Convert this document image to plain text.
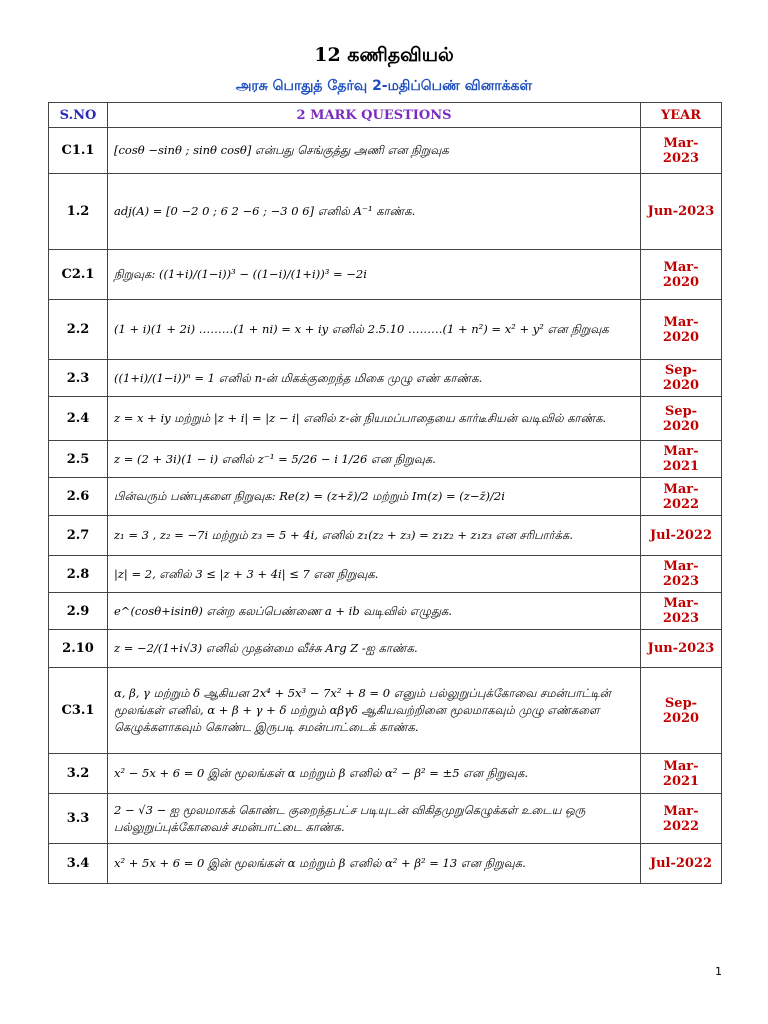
12 கணிதவியல்
அரசு பொதுத் தேர்வு 2-மதிப்பெண் வினாக்கள்
S.NO	2 MARK QUESTIONS	YEAR
C1.1	[cosθ −sinθ ; sinθ cosθ] என்பது செங்குத்து அணி என நிறுவுக	Mar-2023
1.2	adj(A) = [0 −2 0 ; 6 2 −6 ; −3 0 6] எனில் A⁻¹ காண்க.	Jun-2023
C2.1	நிறுவுக: ((1+i)/(1−i))³ − ((1−i)/(1+i))³ = −2i	Mar-2020
2.2	(1 + i)(1 + 2i) ………(1 + ni) = x + iy எனில் 2.5.10 ………(1 + n²) = x² + y² என நிறுவுக	Mar-2020
2.3	((1+i)/(1−i))ⁿ = 1 எனில் n-ன் மிகக்குறைந்த மிகை முழு எண் காண்க.	Sep-2020
2.4	z = x + iy மற்றும் |z + i| = |z − i| எனில் z-ன் நியமப்பாதையை கார்டீசியன் வடிவில் காண்க.	Sep-2020
2.5	z = (2 + 3i)(1 − i) எனில் z⁻¹ = 5/26 − i 1/26 என நிறுவுக.	Mar-2021
2.6	பின்வரும் பண்புகளை நிறுவுக: Re(z) = (z+z̄)/2 மற்றும் Im(z) = (z−z̄)/2i	Mar-2022
2.7	z₁ = 3 , z₂ = −7i மற்றும் z₃ = 5 + 4i, எனில் z₁(z₂ + z₃) = z₁z₂ + z₁z₃ என சரிபார்க்க.	Jul-2022
2.8	|z| = 2, எனில் 3 ≤ |z + 3 + 4i| ≤ 7 என நிறுவுக.	Mar-2023
2.9	e^(cosθ+isinθ) என்ற கலப்பெண்ணை a + ib வடிவில் எழுதுக.	Mar-2023
2.10	z = −2/(1+i√3) எனில் முதன்மை வீச்சு Arg Z -ஐ காண்க.	Jun-2023
C3.1	α, β, γ மற்றும் δ ஆகியன 2x⁴ + 5x³ − 7x² + 8 = 0 எனும் பல்லுறுப்புக்கோவை சமன்பாட்டின் மூலங்கள் எனில், α + β + γ + δ மற்றும் αβγδ ஆகியவற்றினை மூலமாகவும் முழு எண்களை கெழுக்களாகவும் கொண்ட இருபடி சமன்பாட்டைக் காண்க.	Sep-2020
3.2	x² − 5x + 6 = 0 இன் மூலங்கள் α மற்றும் β எனில் α² − β² = ±5 என நிறுவுக.	Mar-2021
3.3	2 − √3 − ஐ மூலமாகக் கொண்ட குறைந்தபட்ச படியுடன் விகிதமுறுகெழுக்கள் உடைய ஒரு பல்லுறுப்புக்கோவைச் சமன்பாட்டை காண்க.	Mar-2022
3.4	x² + 5x + 6 = 0 இன் மூலங்கள் α மற்றும் β எனில் α² + β² = 13 என நிறுவுக.	Jul-2022
1
